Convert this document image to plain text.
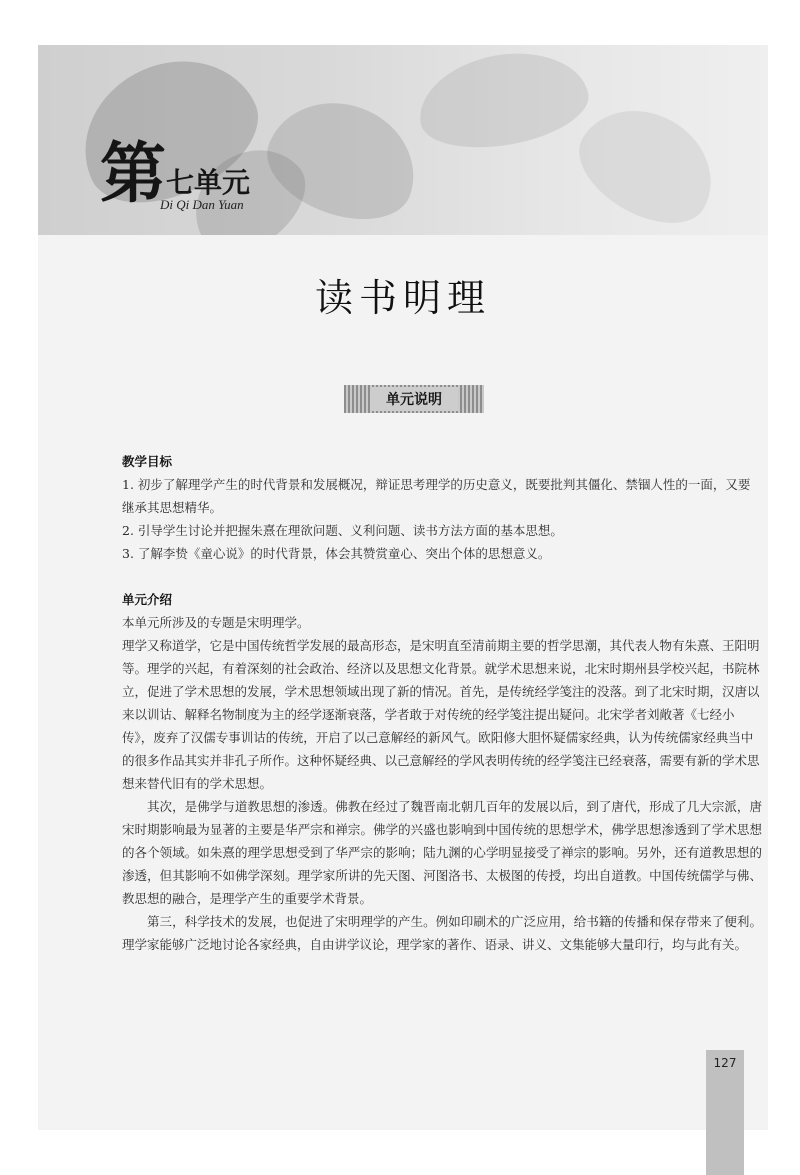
第 七单元
Di Qi Dan Yuan
读书明理
单元说明

教学目标

1. 初步了解理学产生的时代背景和发展概况，辩证思考理学的历史意义，既要批判其僵化、禁锢人性的一面，又要继承其思想精华。

2. 引导学生讨论并把握朱熹在理欲问题、义利问题、读书方法方面的基本思想。

3. 了解李贽《童心说》的时代背景，体会其赞赏童心、突出个体的思想意义。

单元介绍

本单元所涉及的专题是宋明理学。

理学又称道学，它是中国传统哲学发展的最高形态，是宋明直至清前期主要的哲学思潮，其代表人物有朱熹、王阳明等。理学的兴起，有着深刻的社会政治、经济以及思想文化背景。就学术思想来说，北宋时期州县学校兴起，书院林立，促进了学术思想的发展，学术思想领域出现了新的情况。首先，是传统经学笺注的没落。到了北宋时期，汉唐以来以训诂、解释名物制度为主的经学逐渐衰落，学者敢于对传统的经学笺注提出疑问。北宋学者刘敞著《七经小传》，废弃了汉儒专事训诂的传统，开启了以己意解经的新风气。欧阳修大胆怀疑儒家经典，认为传统儒家经典当中的很多作品其实并非孔子所作。这种怀疑经典、以己意解经的学风表明传统的经学笺注已经衰落，需要有新的学术思想来替代旧有的学术思想。

其次，是佛学与道教思想的渗透。佛教在经过了魏晋南北朝几百年的发展以后，到了唐代，形成了几大宗派，唐宋时期影响最为显著的主要是华严宗和禅宗。佛学的兴盛也影响到中国传统的思想学术，佛学思想渗透到了学术思想的各个领域。如朱熹的理学思想受到了华严宗的影响；陆九渊的心学明显接受了禅宗的影响。另外，还有道教思想的渗透，但其影响不如佛学深刻。理学家所讲的先天图、河图洛书、太极图的传授，均出自道教。中国传统儒学与佛、教思想的融合，是理学产生的重要学术背景。

第三，科学技术的发展，也促进了宋明理学的产生。例如印刷术的广泛应用，给书籍的传播和保存带来了便利。理学家能够广泛地讨论各家经典，自由讲学议论，理学家的著作、语录、讲义、文集能够大量印行，均与此有关。

127
